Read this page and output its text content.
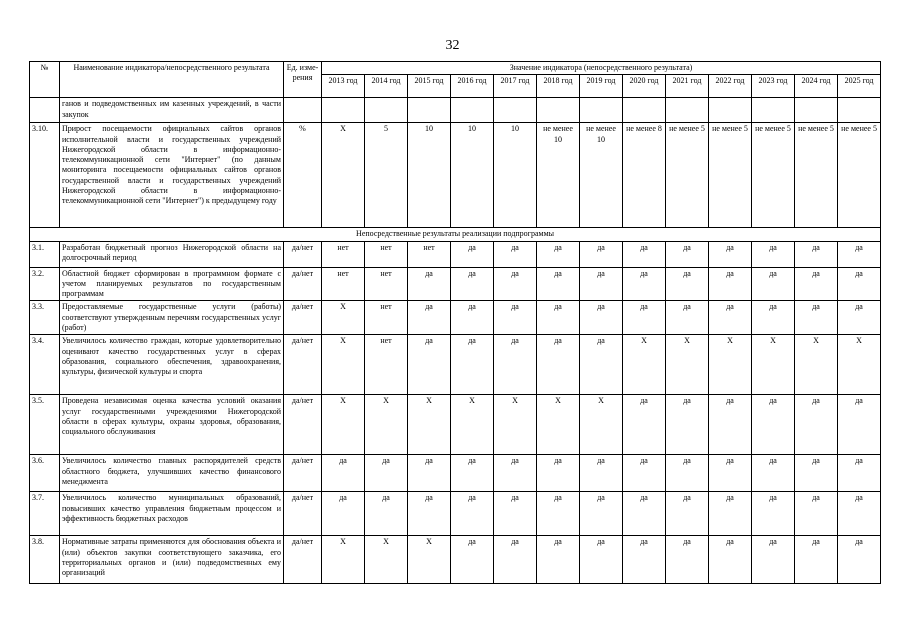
32
№	Наименование индикатора/непосредственного результата	Ед. изме-рения	Значение индикатора (непосредственного результата)												
			2013 год	2014 год	2015 год	2016 год	2017 год	2018 год	2019 год	2020 год	2021 год	2022 год	2023 год	2024 год	2025 год
	ганов и подведомственных им казенных учреждений, в части закупок														
3.10.	Прирост посещаемости официальных сайтов органов исполнительной власти и государственных учреждений Нижегородской области в информационно-телекоммуникационной сети "Интернет" (по данным мониторинга посещаемости официальных сайтов органов государственной власти и государственных учреждений Нижегородской области в информационно-телекоммуникационной сети "Интернет") к предыдущему году	%	X	5	10	10	10	не менее 10	не менее 10	не менее 8	не менее 5	не менее 5	не менее 5	не менее 5	не менее 5
Непосредственные результаты реализации подпрограммы															
3.1.	Разработан бюджетный прогноз Нижегородской области на долгосрочный период	да/нет	нет	нет	нет	да	да	да	да	да	да	да	да	да	да
3.2.	Областной бюджет сформирован в программном формате с учетом планируемых результатов по государственным программам	да/нет	нет	нет	да	да	да	да	да	да	да	да	да	да	да
3.3.	Предоставляемые государственные услуги (работы) соответствуют утвержденным перечням государственных услуг (работ)	да/нет	X	нет	да	да	да	да	да	да	да	да	да	да	да
3.4.	Увеличилось количество граждан, которые удовлетворительно оценивают качество государственных услуг в сферах образования, социального обеспечения, здравоохранения, культуры, физической культуры и спорта	да/нет	X	нет	да	да	да	да	да	X	X	X	X	X	X
3.5.	Проведена независимая оценка качества условий оказания услуг государственными учреждениями Нижегородской области в сферах культуры, охраны здоровья, образования, социального обслуживания	да/нет	X	X	X	X	X	X	X	да	да	да	да	да	да
3.6.	Увеличилось количество главных распорядителей средств областного бюджета, улучшивших качество финансового менеджмента	да/нет	да	да	да	да	да	да	да	да	да	да	да	да	да
3.7.	Увеличилось количество муниципальных образований, повысивших качество управления бюджетным процессом и эффективность бюджетных расходов	да/нет	да	да	да	да	да	да	да	да	да	да	да	да	да
3.8.	Нормативные затраты применяются для обоснования объекта и (или) объектов закупки соответствующего заказчика, его территориальных органов и (или) подведомственных ему организаций	да/нет	X	X	X	да	да	да	да	да	да	да	да	да	да
